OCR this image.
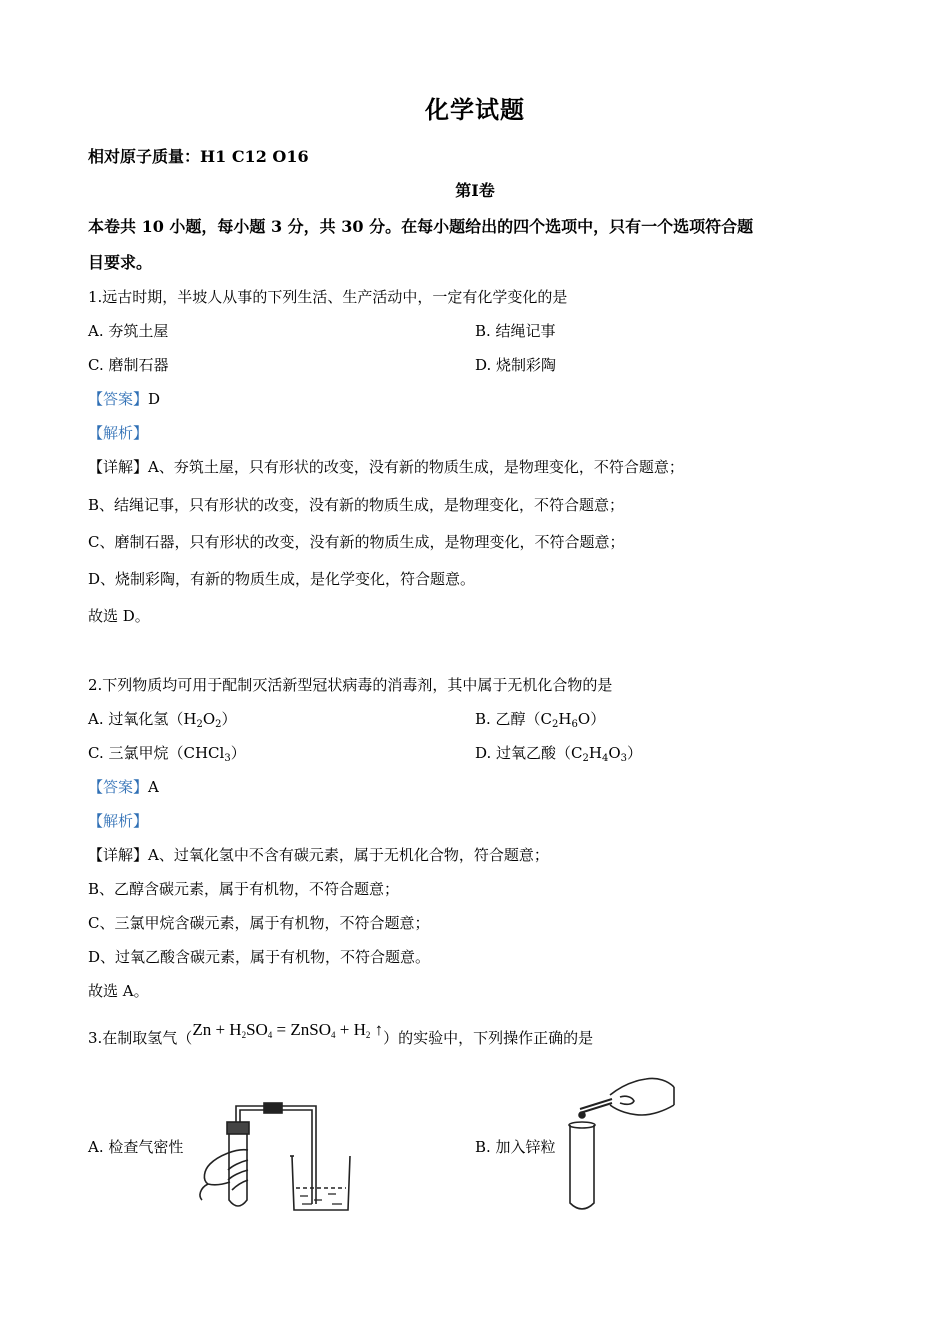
化学试题
相对原子质量：H1 C12 O16
第Ⅰ卷
本卷共 10 小题，每小题 3 分，共 30 分。在每小题给出的四个选项中，只有一个选项符合题
目要求。
1.远古时期，半坡人从事的下列生活、生产活动中，一定有化学变化的是
A. 夯筑土屋	B. 结绳记事
C. 磨制石器	D. 烧制彩陶
【答案】D
【解析】
【详解】A、夯筑土屋，只有形状的改变，没有新的物质生成，是物理变化，不符合题意；
B、结绳记事，只有形状的改变，没有新的物质生成，是物理变化，不符合题意；
C、磨制石器，只有形状的改变，没有新的物质生成，是物理变化，不符合题意；
D、烧制彩陶，有新的物质生成，是化学变化，符合题意。
故选 D。
2.下列物质均可用于配制灭活新型冠状病毒的消毒剂，其中属于无机化合物的是
A. 过氧化氢$(H_2O_2)$	B. 乙醇$(C_2H_6O)$
C. 三氯甲烷（CHCl$_3$）	D. 过氧乙酸$(C_2H_4O_3)$
【答案】A
【解析】
【详解】A、过氧化氢中不含有碳元素，属于无机化合物，符合题意；
B、乙醇含碳元素，属于有机物，不符合题意；
C、三氯甲烷含碳元素，属于有机物，不符合题意；
D、过氧乙酸含碳元素，属于有机物，不符合题意。
故选 A。
3.在制取氢气（$Zn + H_2SO_4$ = ZnSO$_4$ + $H_2$ ↑）的实验中，下列操作正确的是
A. 检查气密性	B. 加入锌粒
